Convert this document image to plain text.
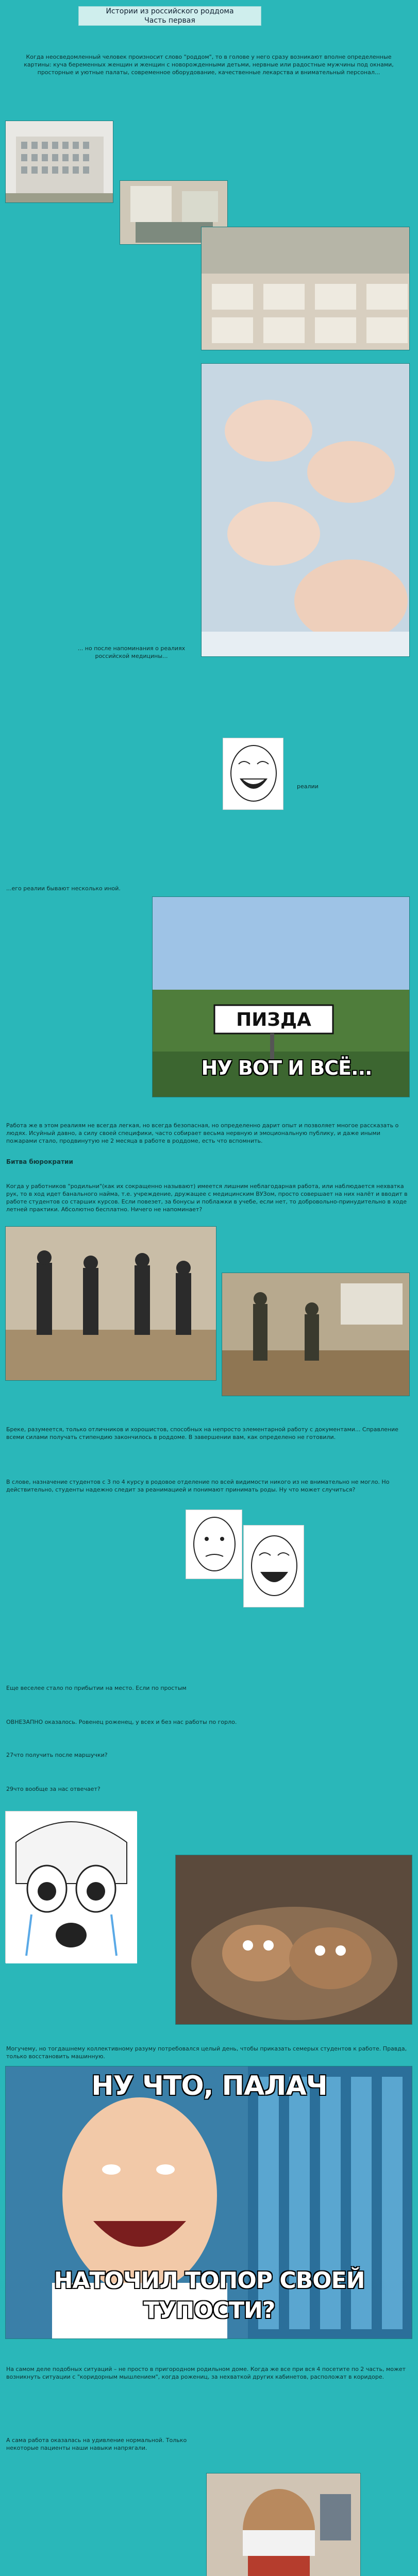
Истории из российского роддома
Часть первая
Когда неосведомленный человек произносит слово "роддом", то в голове у него сразу возникают вполне определенные картины: куча беременных женщин и женщин с новорожденными детьми, нервные или радостные мужчины под окнами, просторные и уютные палаты, современное оборудование, качественные лекарства и внимательный персонал...
... но после напоминания о реалиях российской медицины...
реалии
...его реалии бывают несколько иной.
ПИЗДА
НУ ВОТ И ВСЁ...
Работа же в этом реалиям не всегда легкая, но всегда безопасная, но определенно дарит опыт и позволяет многое рассказать о людях. Исуйный давно, а силу своей специфики, часто собирает весьма нервную и эмоциональную публику, и даже иными пожарами стало, продвинутую не 2 месяца в работе в роддоме, есть что вспомнить.
Битва бюрократии
Когда у работников "родильни"(как их сокращенно называют) имеется лишним неблагодарная работа, или наблюдается нехватка рук, то в ход идет банального найма, т.е. учреждение, дружащее с медицинским ВУЗом, просто совершает на них налёт и вводит в работе студентов со старших курсов. Если повезет, за бонусы и поблажки в учебе, если нет, то добровольно-принудительно в ходе летней практики. Абсолютно бесплатно. Ничего не напоминает?
Бреке, разумеется, только отличников и хорошистов, способных на непросто элементарной работу с документами... Справление всеми силами получать стипендию закончилось в роддоме. В завершении вам, как определено не готовили.
В слове, назначение студентов с 3 по 4 курсу в родовое отделение по всей видимости никого из не внимательно не могло. Но действительно, студенты надежно следит за реанимацией и понимают принимать роды. Ну что может случиться?
Еще веселее стало по прибытии на место. Если по простым
ОВНЕЗАПНО оказалось. Ровенец роженец, у всех и без нас работы по горло.
27что получить после маршучки?
29что вообще за нас отвечает?
Могучему, но тогдашнему коллективному разуму потребовался целый день, чтобы приказать семерых студентов к работе. Правда, только восстановить машинную.
НУ ЧТО, ПАЛАЧ
НАТОЧИЛ ТОПОР СВОЕЙ
ТУПОСТИ?
На самом деле подобных ситуаций – не просто в пригородном родильном доме. Когда же все при вся 4 посетите по 2 часть, может возникнуть ситуации с "коридорным мышлением", когда рожениц, за нехваткой других кабинетов, расположат в коридоре.
А сама работа оказалась на удивление нормальной. Только некоторые пациенты наши навыки напрягали.
